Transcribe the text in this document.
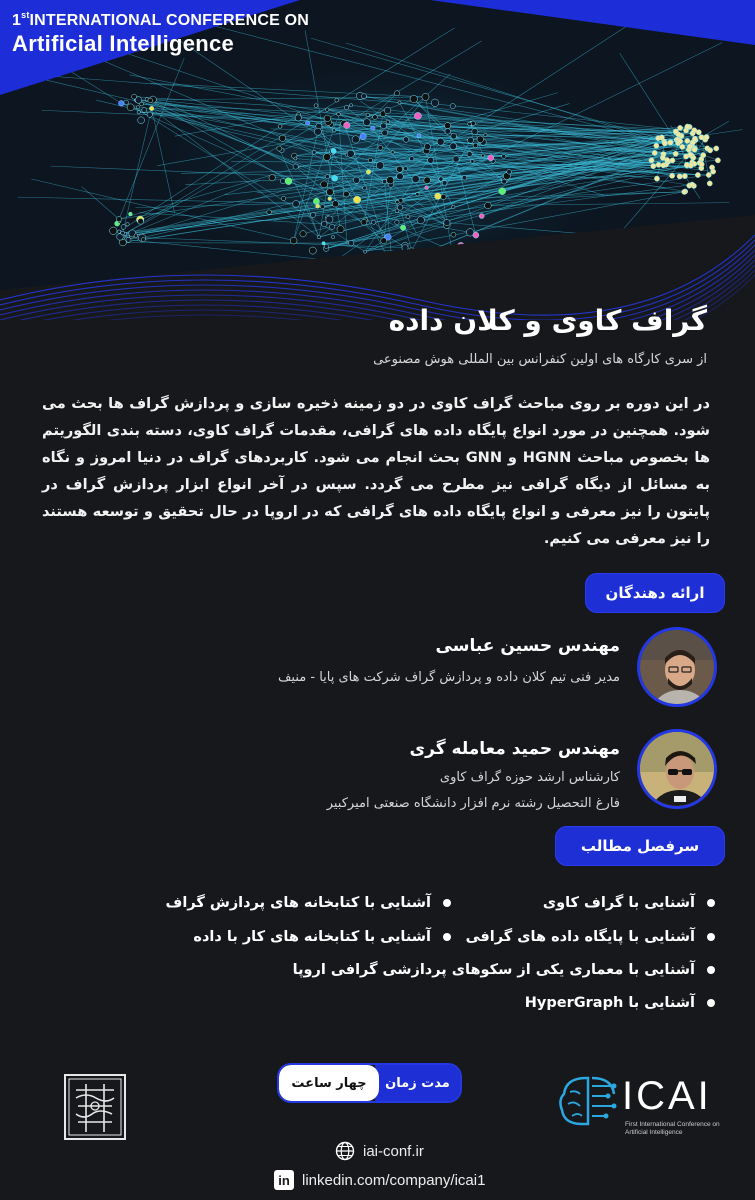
1stINTERNATIONAL CONFERENCE ON
Artificial Intelligence
گراف کاوی و کلان داده
از سری کارگاه های اولین کنفرانس بین المللی هوش مصنوعی
در این دوره بر روی مباحث گراف کاوی در دو زمینه ذخیره سازی و پردازش گراف ها بحث می شود. همچنین در مورد انواع پایگاه داده های گرافی، مقدمات گراف کاوی، دسته بندی الگوریتم ها بخصوص مباحث HGNN و GNN بحث انجام می شود. کاربردهای گراف در دنیا امروز و نگاه به مسائل از دیگاه گرافی نیز مطرح می گردد. سپس در آخر انواع ابزار پردازش گراف در پایتون را نیز معرفی و انواع پایگاه داده های گرافی که در اروپا در حال تحقیق و توسعه هستند را نیز معرفی می کنیم.
ارائه دهندگان
مهندس حسین عباسی
مدیر فنی تیم کلان داده و پردازش گراف شرکت های پایا - منیف
مهندس حمید معامله گری
کارشناس ارشد حوزه گراف کاوی
فارغ التحصیل رشته نرم افزار دانشگاه صنعتی امیرکبیر
سرفصل مطالب
آشنایی با گراف کاوی
آشنایی با کتابخانه های پردازش گراف
آشنایی با پایگاه داده های گرافی
آشنایی با کتابخانه های کار با داده
آشنایی با معماری یکی از سکوهای پردازشی گرافی اروپا
آشنایی با HyperGraph
مدت زمان
چهار ساعت
iai-conf.ir
in linkedin.com/company/icai1
ICAI
First International Conference on
Artificial Intelligence
